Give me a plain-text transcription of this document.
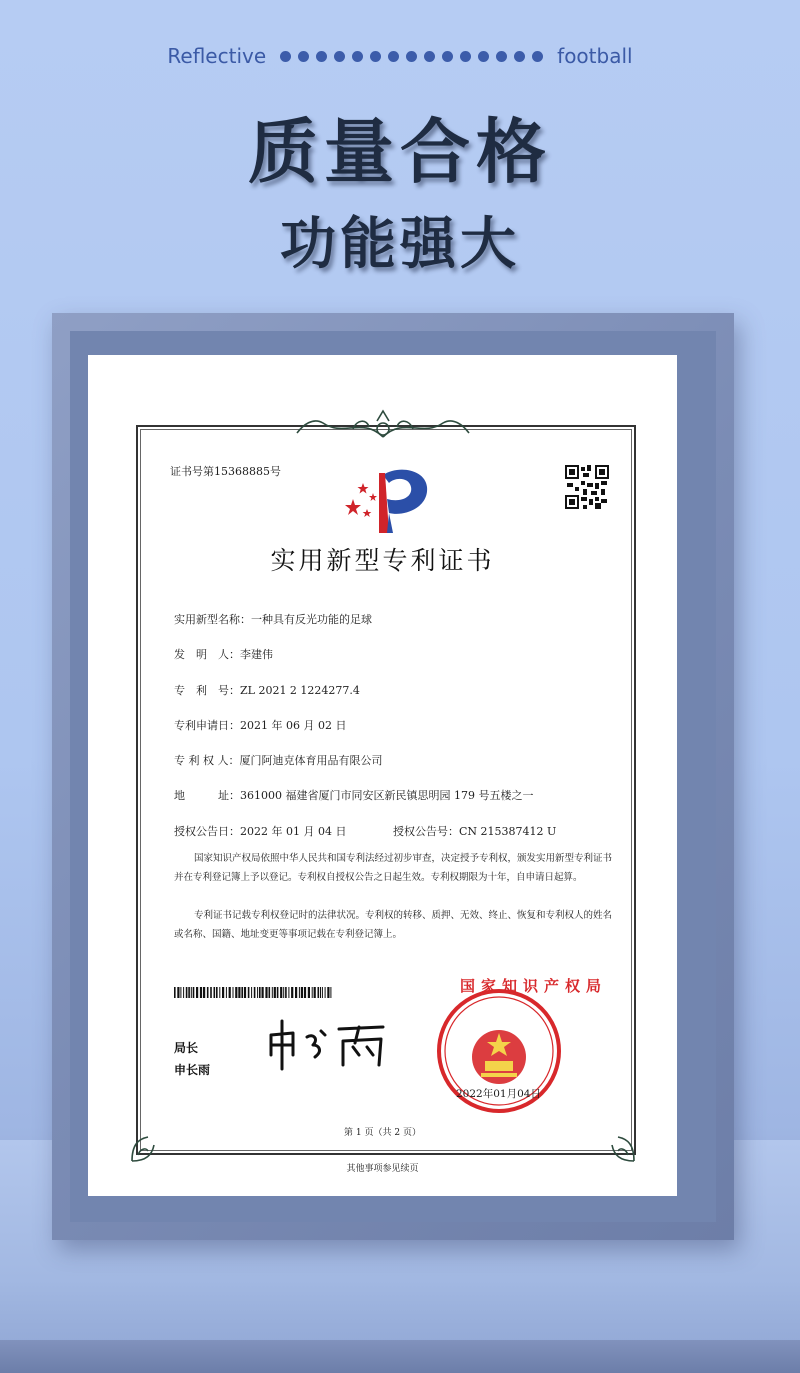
Reflective	football
质量合格
功能强大
证书号第15368885号
实用新型专利证书
实用新型名称：一种具有反光功能的足球
发　明　人：李建伟
专　利　号：ZL 2021 2 1224277.4
专利申请日：2021 年 06 月 02 日
专 利 权 人：厦门阿迪克体育用品有限公司
地　　　址：361000 福建省厦门市同安区新民镇思明园 179 号五楼之一
授权公告日：2022 年 01 月 04 日	授权公告号：CN 215387412 U
国家知识产权局依照中华人民共和国专利法经过初步审查，决定授予专利权，颁发实用新型专利证书并在专利登记簿上予以登记。专利权自授权公告之日起生效。专利权期限为十年，自申请日起算。
专利证书记载专利权登记时的法律状况。专利权的转移、质押、无效、终止、恢复和专利权人的姓名或名称、国籍、地址变更等事项记载在专利登记簿上。
局长
申长雨
国家知识产权局
2022年01月04日
第 1 页（共 2 页）
其他事项参见续页
